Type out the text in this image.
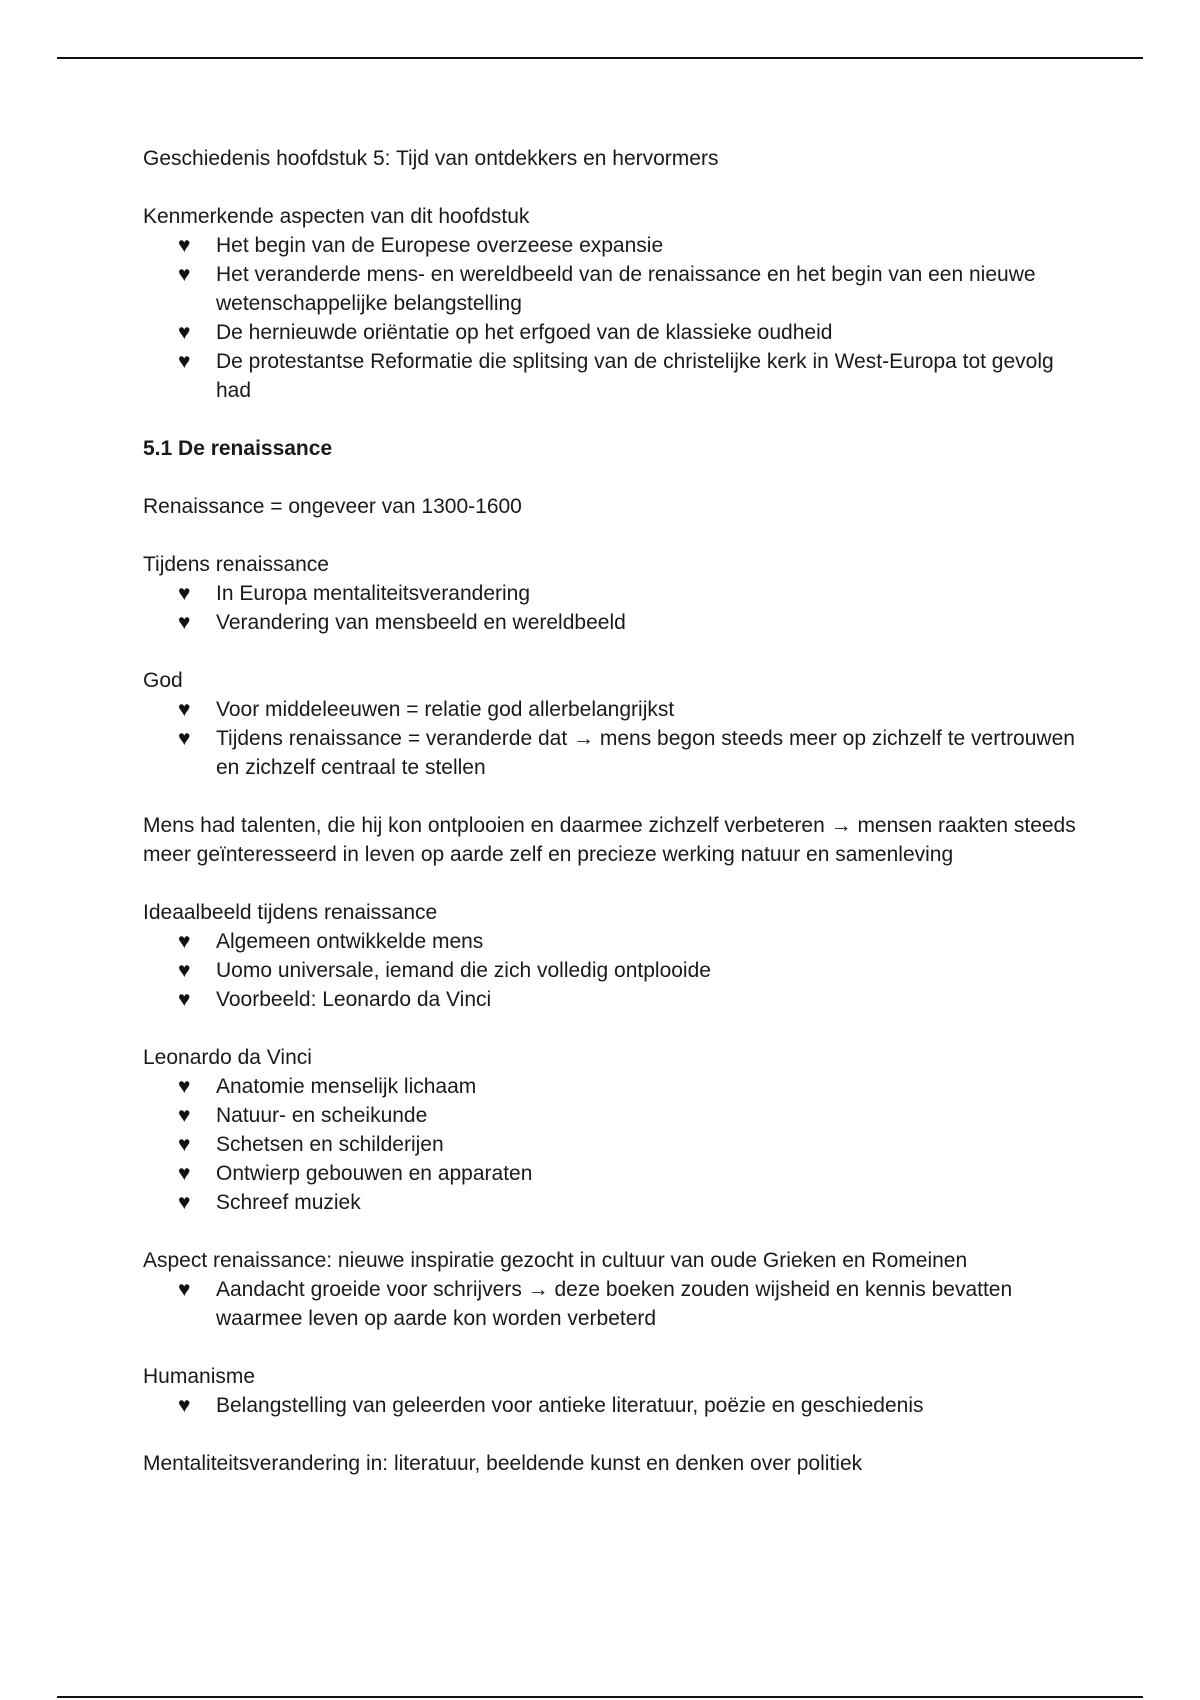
Geschiedenis hoofdstuk 5: Tijd van ontdekkers en hervormers

Kenmerkende aspecten van dit hoofdstuk

♥ Het begin van de Europese overzeese expansie
♥ Het veranderde mens- en wereldbeeld van de renaissance en het begin van een nieuwe wetenschappelijke belangstelling
♥ De hernieuwde oriëntatie op het erfgoed van de klassieke oudheid
♥ De protestantse Reformatie die splitsing van de christelijke kerk in West-Europa tot gevolg had

5.1 De renaissance

Renaissance = ongeveer van 1300-1600

Tijdens renaissance

♥ In Europa mentaliteitsverandering
♥ Verandering van mensbeeld en wereldbeeld

God

♥ Voor middeleeuwen = relatie god allerbelangrijkst
♥ Tijdens renaissance = veranderde dat → mens begon steeds meer op zichzelf te vertrouwen en zichzelf centraal te stellen

Mens had talenten, die hij kon ontplooien en daarmee zichzelf verbeteren → mensen raakten steeds meer geïnteresseerd in leven op aarde zelf en precieze werking natuur en samenleving

Ideaalbeeld tijdens renaissance

♥ Algemeen ontwikkelde mens
♥ Uomo universale, iemand die zich volledig ontplooide
♥ Voorbeeld: Leonardo da Vinci

Leonardo da Vinci

♥ Anatomie menselijk lichaam
♥ Natuur- en scheikunde
♥ Schetsen en schilderijen
♥ Ontwierp gebouwen en apparaten
♥ Schreef muziek

Aspect renaissance: nieuwe inspiratie gezocht in cultuur van oude Grieken en Romeinen

♥ Aandacht groeide voor schrijvers → deze boeken zouden wijsheid en kennis bevatten waarmee leven op aarde kon worden verbeterd

Humanisme

♥ Belangstelling van geleerden voor antieke literatuur, poëzie en geschiedenis

Mentaliteitsverandering in: literatuur, beeldende kunst en denken over politiek
